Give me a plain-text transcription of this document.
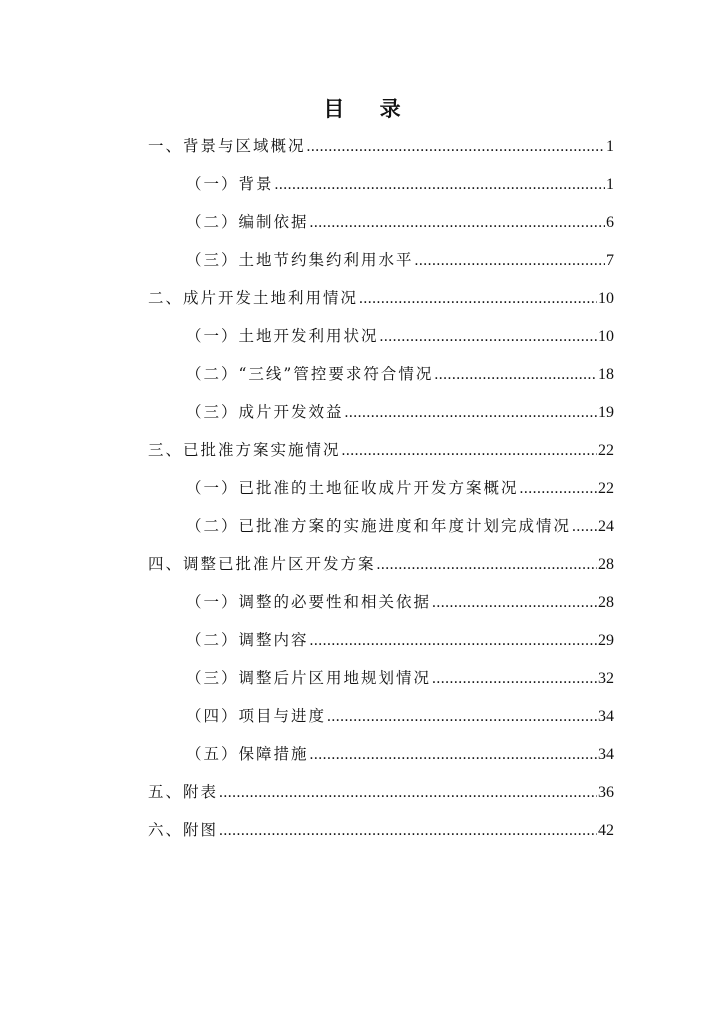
目 录
一、背景与区域概况 .....	1
（一）背景 .....	1
（二）编制依据 .....	6
（三）土地节约集约利用水平 .....	7
二、成片开发土地利用情况 .....	10
（一）土地开发利用状况 .....	10
（二）“三线”管控要求符合情况 .....	18
（三）成片开发效益 .....	19
三、已批准方案实施情况 .....	22
（一）已批准的土地征收成片开发方案概况 .....	22
（二）已批准方案的实施进度和年度计划完成情况 ..... 24
四、调整已批准片区开发方案 .....	28
（一）调整的必要性和相关依据 .....	28
（二）调整内容 .....	29
（三）调整后片区用地规划情况 .....	32
（四）项目与进度 .....	34
（五）保障措施 .....	34
五、附表 .....	36
六、附图 .....	42
